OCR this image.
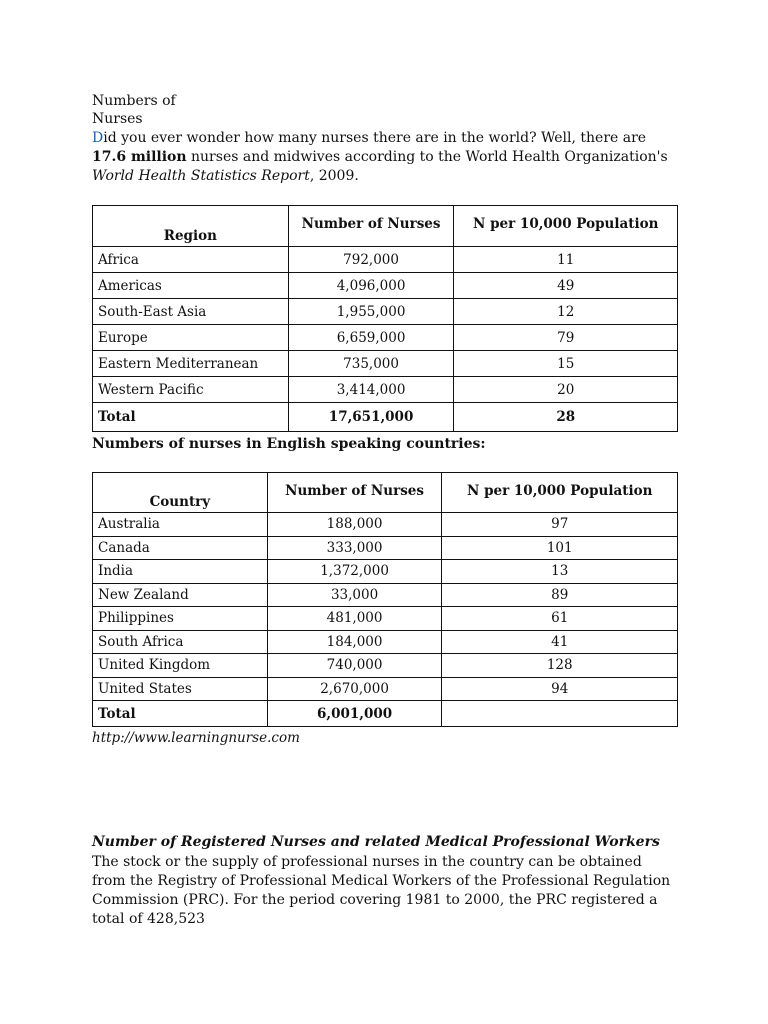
Numbers of
Nurses
Did you ever wonder how many nurses there are in the world? Well, there are 17.6 million nurses and midwives according to the World Health Organization's World Health Statistics Report, 2009.
Region	Number of Nurses	N per 10,000 Population
Africa	792,000	11
Americas	4,096,000	49
South-East Asia	1,955,000	12
Europe	6,659,000	79
Eastern Mediterranean	735,000	15
Western Pacific	3,414,000	20
Total	17,651,000	28
Numbers of nurses in English speaking countries:
Country	Number of Nurses	N per 10,000 Population
Australia	188,000	97
Canada	333,000	101
India	1,372,000	13
New Zealand	33,000	89
Philippines	481,000	61
South Africa	184,000	41
United Kingdom	740,000	128
United States	2,670,000	94
Total	6,001,000	
http://www.learningnurse.com
Number of Registered Nurses and related Medical Professional Workers
The stock or the supply of professional nurses in the country can be obtained from the Registry of Professional Medical Workers of the Professional Regulation Commission (PRC). For the period covering 1981 to 2000, the PRC registered a total of 428,523
